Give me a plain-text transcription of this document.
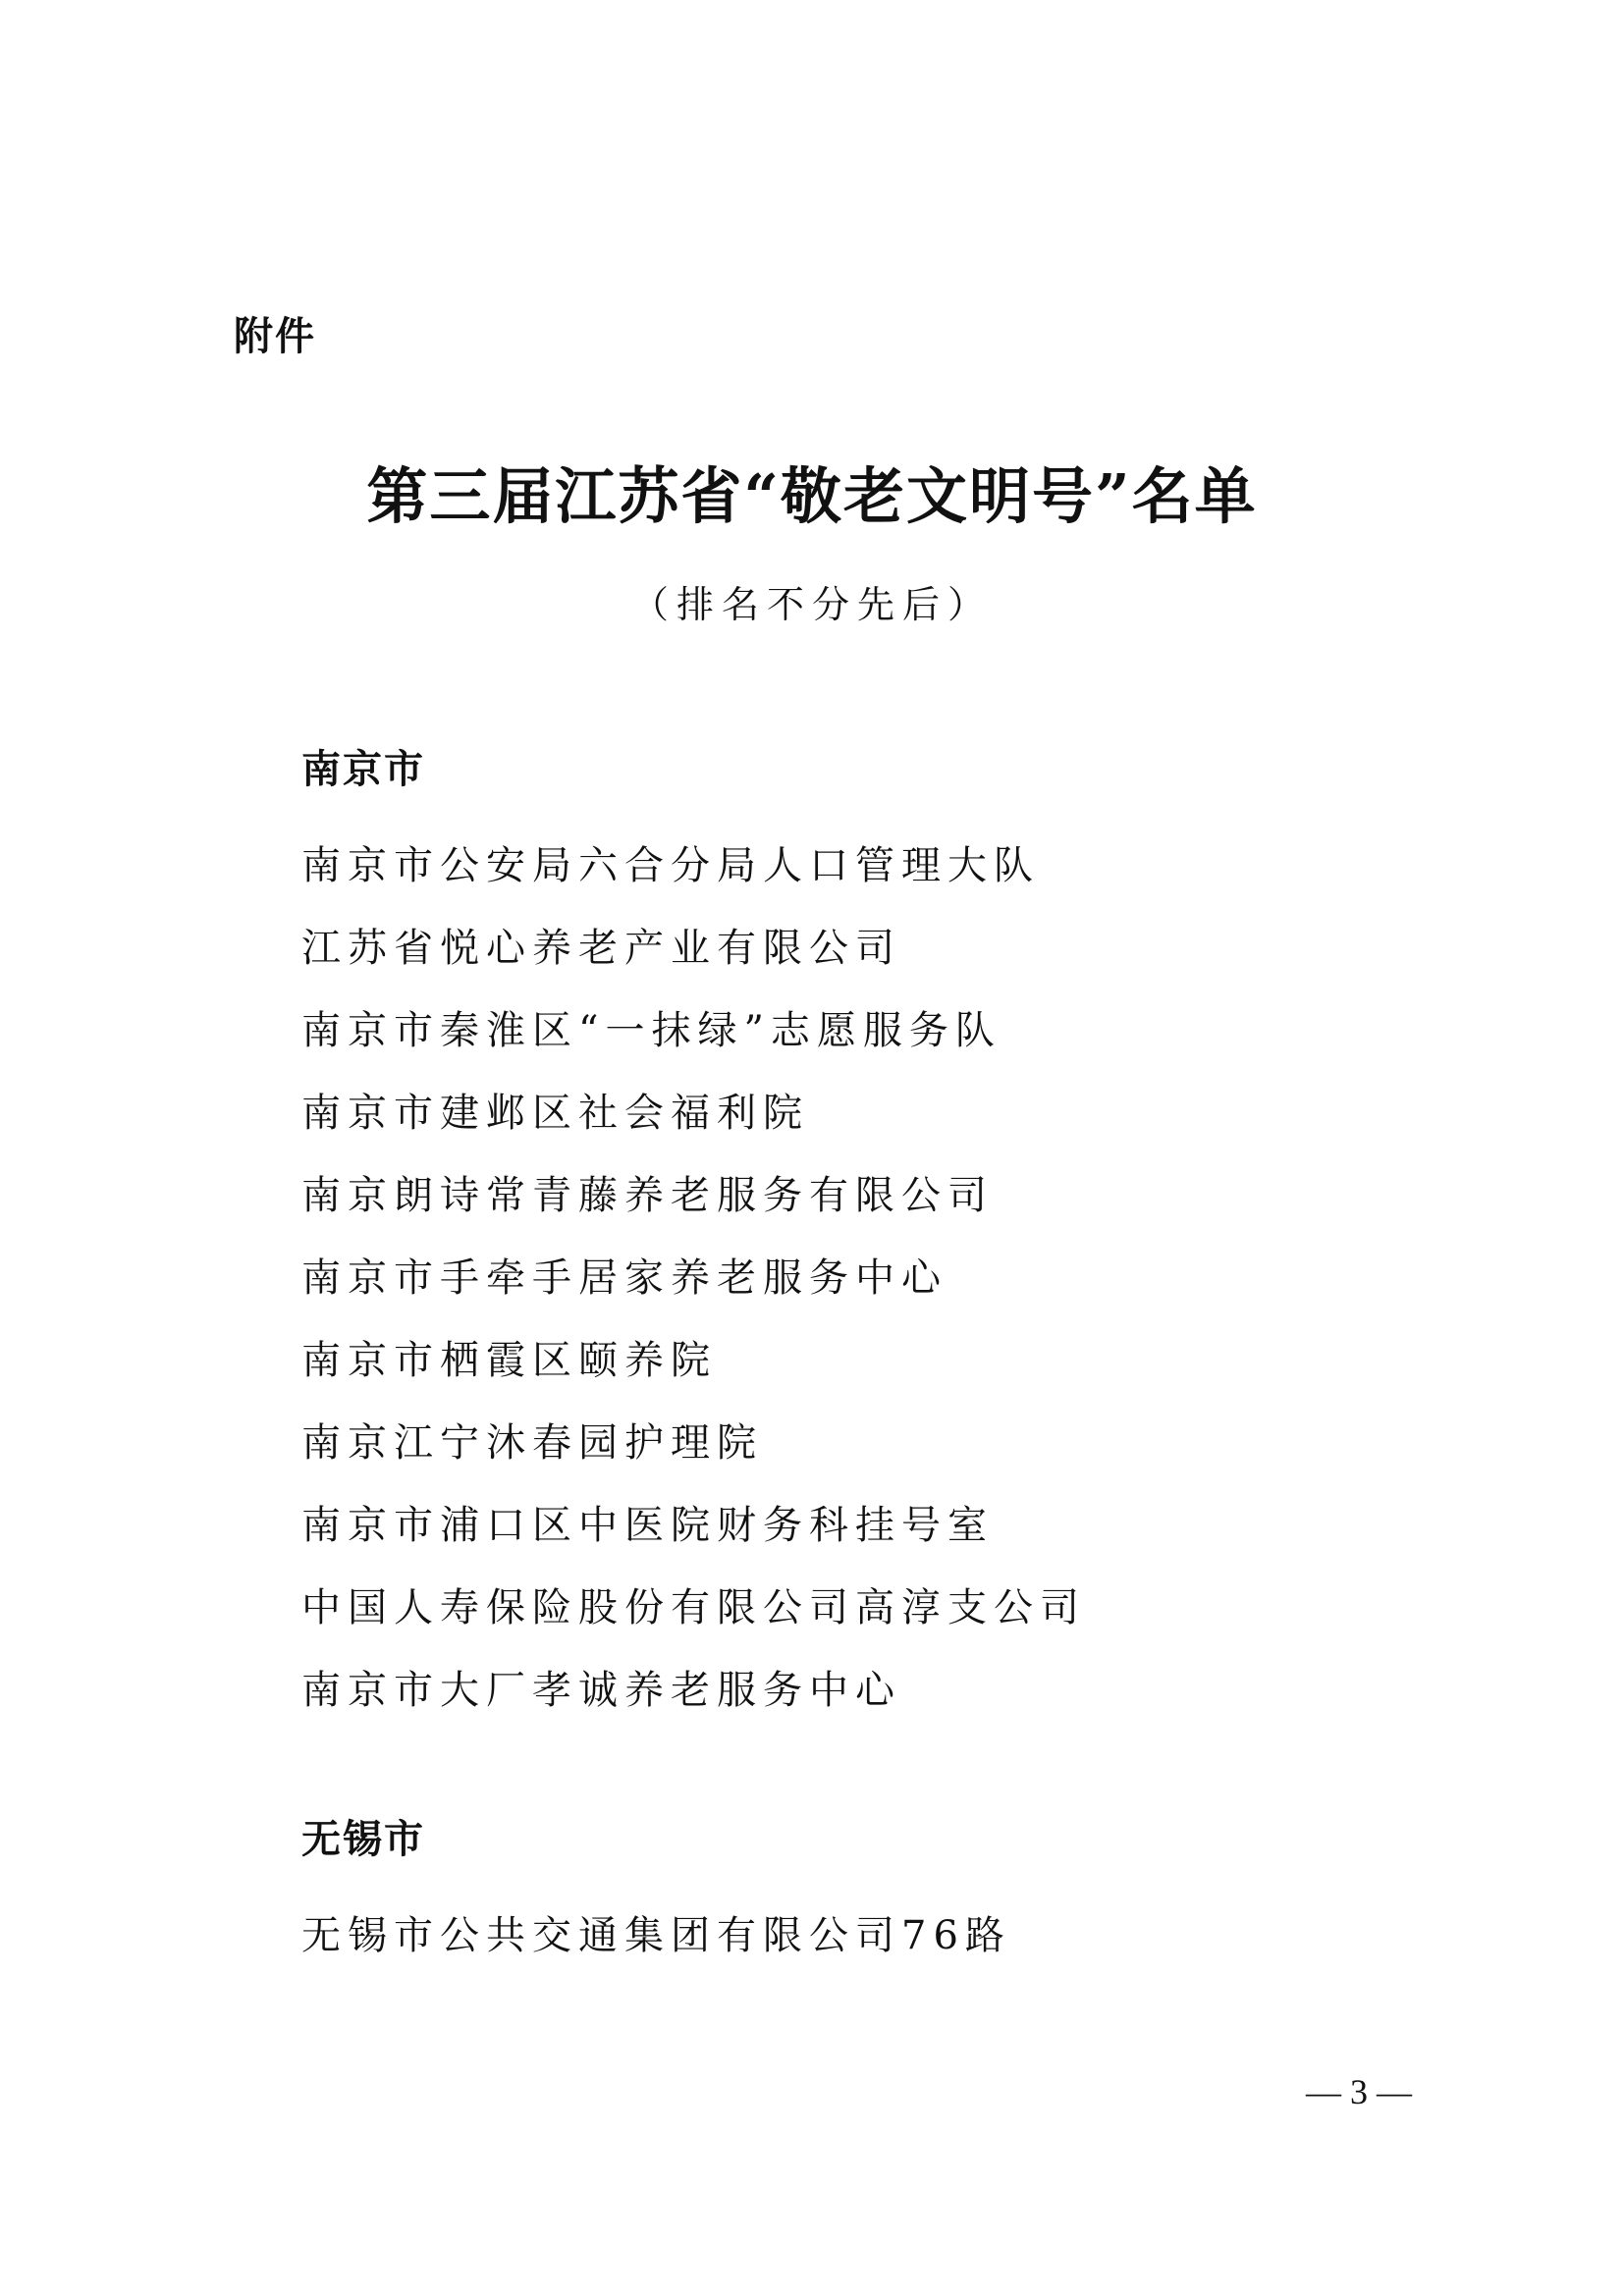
附件
第三届江苏省“敬老文明号”名单
（排名不分先后）
南京市
南京市公安局六合分局人口管理大队
江苏省悦心养老产业有限公司
南京市秦淮区“一抹绿”志愿服务队
南京市建邺区社会福利院
南京朗诗常青藤养老服务有限公司
南京市手牵手居家养老服务中心
南京市栖霞区颐养院
南京江宁沐春园护理院
南京市浦口区中医院财务科挂号室
中国人寿保险股份有限公司高淳支公司
南京市大厂孝诚养老服务中心
无锡市
无锡市公共交通集团有限公司76路
— 3 —
